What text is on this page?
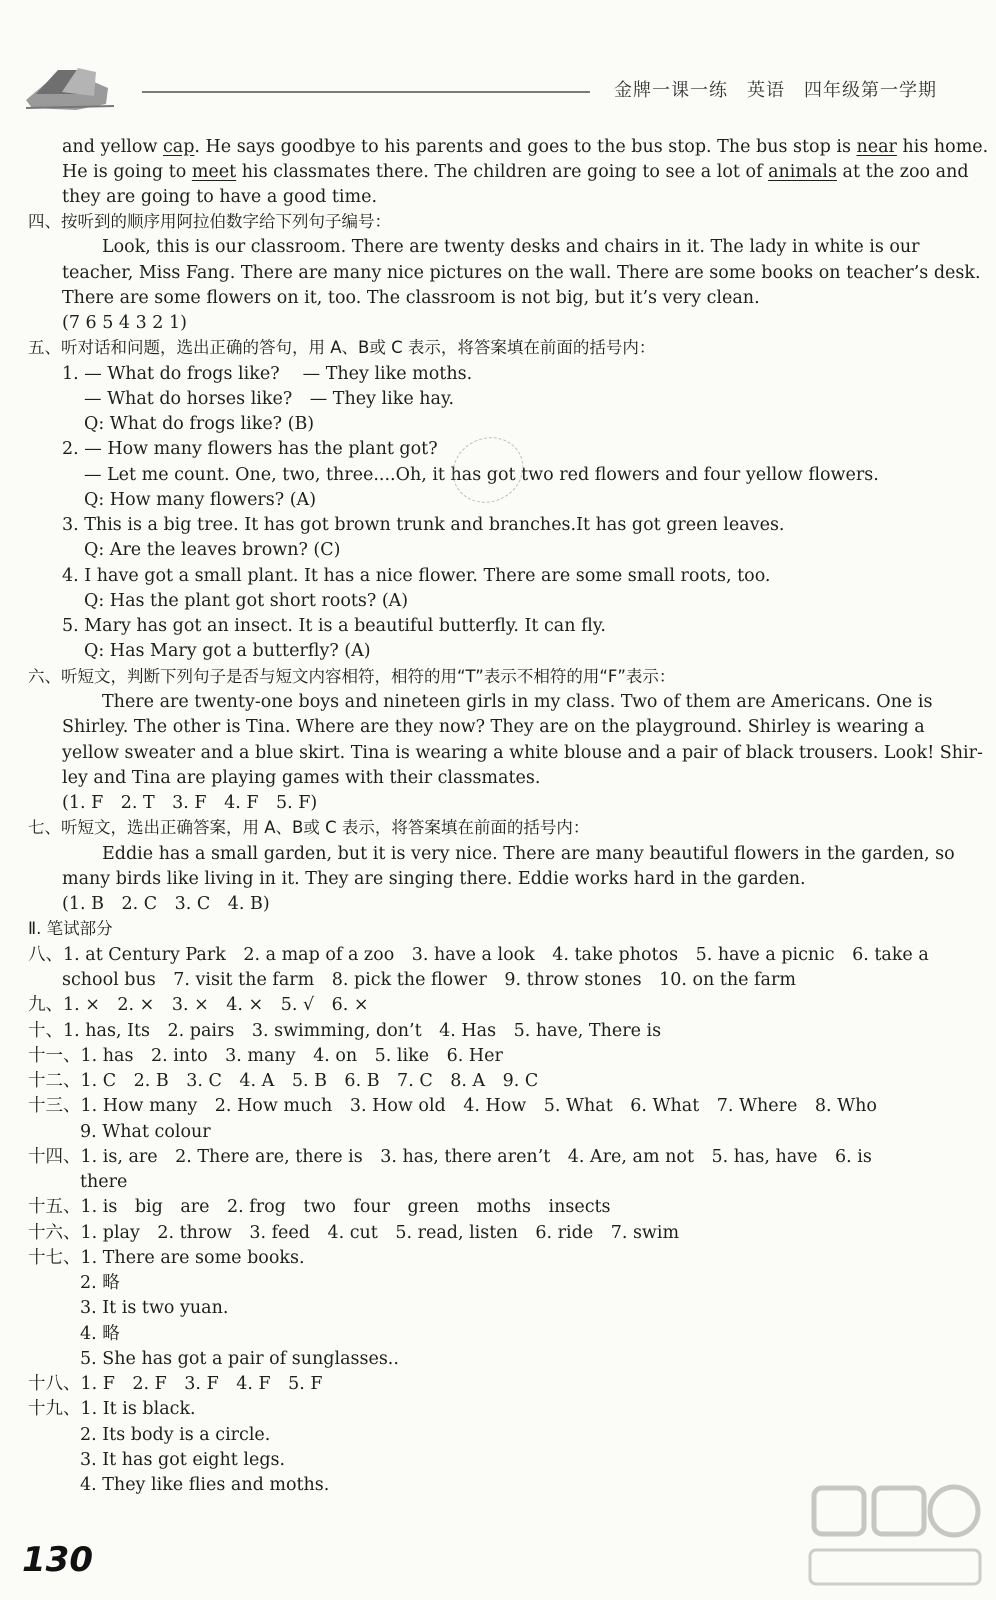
金牌一课一练　英语　四年级第一学期
and yellow cap. He says goodbye to his parents and goes to the bus stop. The bus stop is near his home.
He is going to meet his classmates there. The children are going to see a lot of animals at the zoo and
they are going to have a good time.
四、按听到的顺序用阿拉伯数字给下列句子编号：
Look, this is our classroom. There are twenty desks and chairs in it. The lady in white is our
teacher, Miss Fang. There are many nice pictures on the wall. There are some books on teacher’s desk.
There are some flowers on it, too. The classroom is not big, but it’s very clean.
(7 6 5 4 3 2 1)
五、听对话和问题，选出正确的答句，用 A、B或 C 表示，将答案填在前面的括号内：
1. — What do frogs like?　 — They like moths.
— What do horses like?　— They like hay.
Q: What do frogs like? (B)
2. — How many flowers has the plant got?
— Let me count. One, two, three....Oh, it has got two red flowers and four yellow flowers.
Q: How many flowers? (A)
3. This is a big tree. It has got brown trunk and branches.It has got green leaves.
Q: Are the leaves brown? (C)
4. I have got a small plant. It has a nice flower. There are some small roots, too.
Q: Has the plant got short roots? (A)
5. Mary has got an insect. It is a beautiful butterfly. It can fly.
Q: Has Mary got a butterfly? (A)
六、听短文，判断下列句子是否与短文内容相符，相符的用“T”表示不相符的用“F”表示：
There are twenty-one boys and nineteen girls in my class. Two of them are Americans. One is
Shirley. The other is Tina. Where are they now? They are on the playground. Shirley is wearing a
yellow sweater and a blue skirt. Tina is wearing a white blouse and a pair of black trousers. Look! Shir-
ley and Tina are playing games with their classmates.
(1. F　2. T　3. F　4. F　5. F)
七、听短文，选出正确答案，用 A、B或 C 表示，将答案填在前面的括号内：
Eddie has a small garden, but it is very nice. There are many beautiful flowers in the garden, so
many birds like living in it. They are singing there. Eddie works hard in the garden.
(1. B　2. C　3. C　4. B)
Ⅱ. 笔试部分
八、1. at Century Park　2. a map of a zoo　3. have a look　4. take photos　5. have a picnic　6. take a
school bus　7. visit the farm　8. pick the flower　9. throw stones　10. on the farm
九、1. ×　2. ×　3. ×　4. ×　5. √　6. ×
十、1. has, Its　2. pairs　3. swimming, don’t　4. Has　5. have, There is
十一、1. has　2. into　3. many　4. on　5. like　6. Her
十二、1. C　2. B　3. C　4. A　5. B　6. B　7. C　8. A　9. C
十三、1. How many　2. How much　3. How old　4. How　5. What　6. What　7. Where　8. Who
9. What colour
十四、1. is, are　2. There are, there is　3. has, there aren’t　4. Are, am not　5. has, have　6. is
there
十五、1. is　big　are　2. frog　two　four　green　moths　insects
十六、1. play　2. throw　3. feed　4. cut　5. read, listen　6. ride　7. swim
十七、1. There are some books.
2. 略
3. It is two yuan.
4. 略
5. She has got a pair of sunglasses..
十八、1. F　2. F　3. F　4. F　5. F
十九、1. It is black.
2. Its body is a circle.
3. It has got eight legs.
4. They like flies and moths.
130
